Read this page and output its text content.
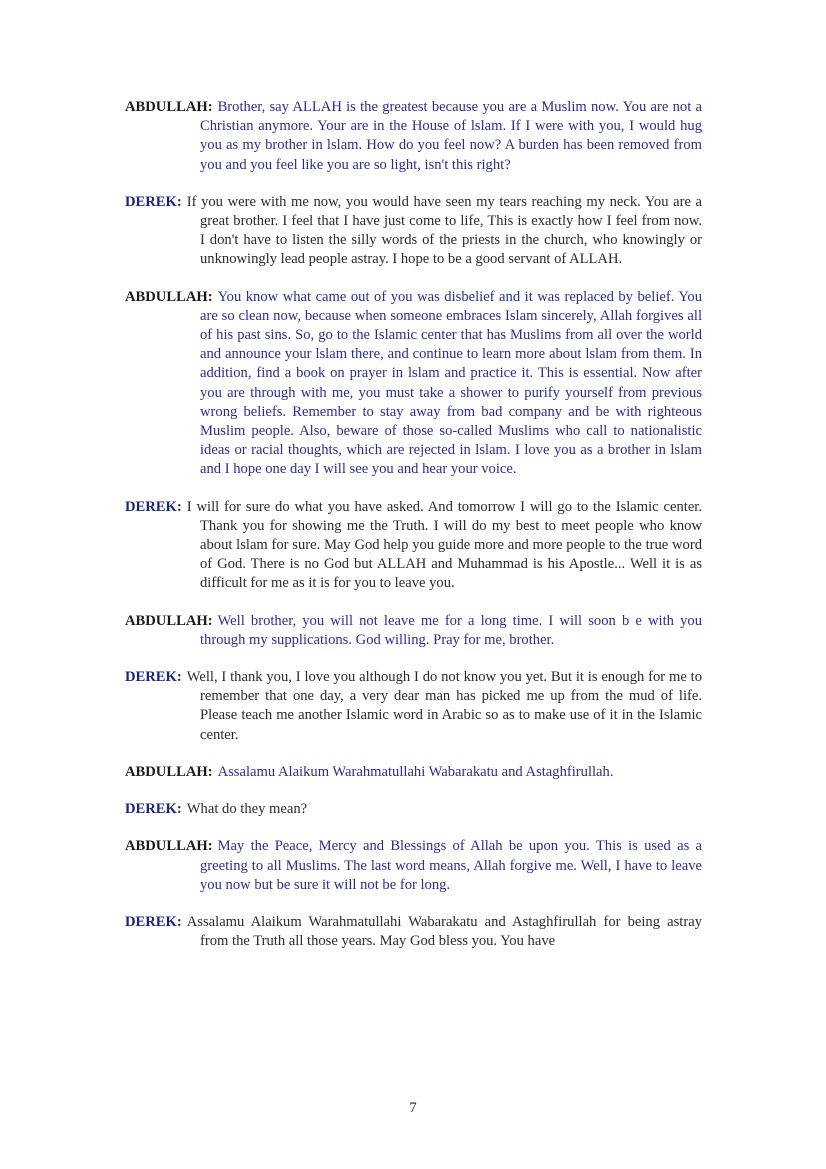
ABDULLAH: Brother, say ALLAH is the greatest because you are a Muslim now. You are not a Christian anymore. Your are in the House of lslam. If I were with you, I would hug you as my brother in lslam. How do you feel now? A burden has been removed from you and you feel like you are so light, isn't this right?

DEREK: If you were with me now, you would have seen my tears reaching my neck. You are a great brother. I feel that I have just come to life, This is exactly how I feel from now. I don't have to listen the silly words of the priests in the church, who knowingly or unknowingly lead people astray. I hope to be a good servant of ALLAH.

ABDULLAH: You know what came out of you was disbelief and it was replaced by belief. You are so clean now, because when someone embraces Islam sincerely, Allah forgives all of his past sins. So, go to the Islamic center that has Muslims from all over the world and announce your lslam there, and continue to learn more about lslam from them. In addition, find a book on prayer in lslam and practice it. This is essential. Now after you are through with me, you must take a shower to purify yourself from previous wrong beliefs. Remember to stay away from bad company and be with righteous Muslim people. Also, beware of those so-called Muslims who call to nationalistic ideas or racial thoughts, which are rejected in lslam. I love you as a brother in lslam and I hope one day I will see you and hear your voice.

DEREK: I will for sure do what you have asked. And tomorrow I will go to the Islamic center. Thank you for showing me the Truth. I will do my best to meet people who know about lslam for sure. May God help you guide more and more people to the true word of God. There is no God but ALLAH and Muhammad is his Apostle... Well it is as difficult for me as it is for you to leave you.

ABDULLAH: Well brother, you will not leave me for a long time. I will soon b e with you through my supplications. God willing. Pray for me, brother.

DEREK: Well, I thank you, I love you although I do not know you yet. But it is enough for me to remember that one day, a very dear man has picked me up from the mud of life. Please teach me another Islamic word in Arabic so as to make use of it in the Islamic center.

ABDULLAH: Assalamu Alaikum Warahmatullahi Wabarakatu and Astaghfirullah.

DEREK: What do they mean?

ABDULLAH: May the Peace, Mercy and Blessings of Allah be upon you. This is used as a greeting to all Muslims. The last word means, Allah forgive me. Well, I have to leave you now but be sure it will not be for long.

DEREK: Assalamu Alaikum Warahmatullahi Wabarakatu and Astaghfirullah for being astray from the Truth all those years. May God bless you. You have

7
